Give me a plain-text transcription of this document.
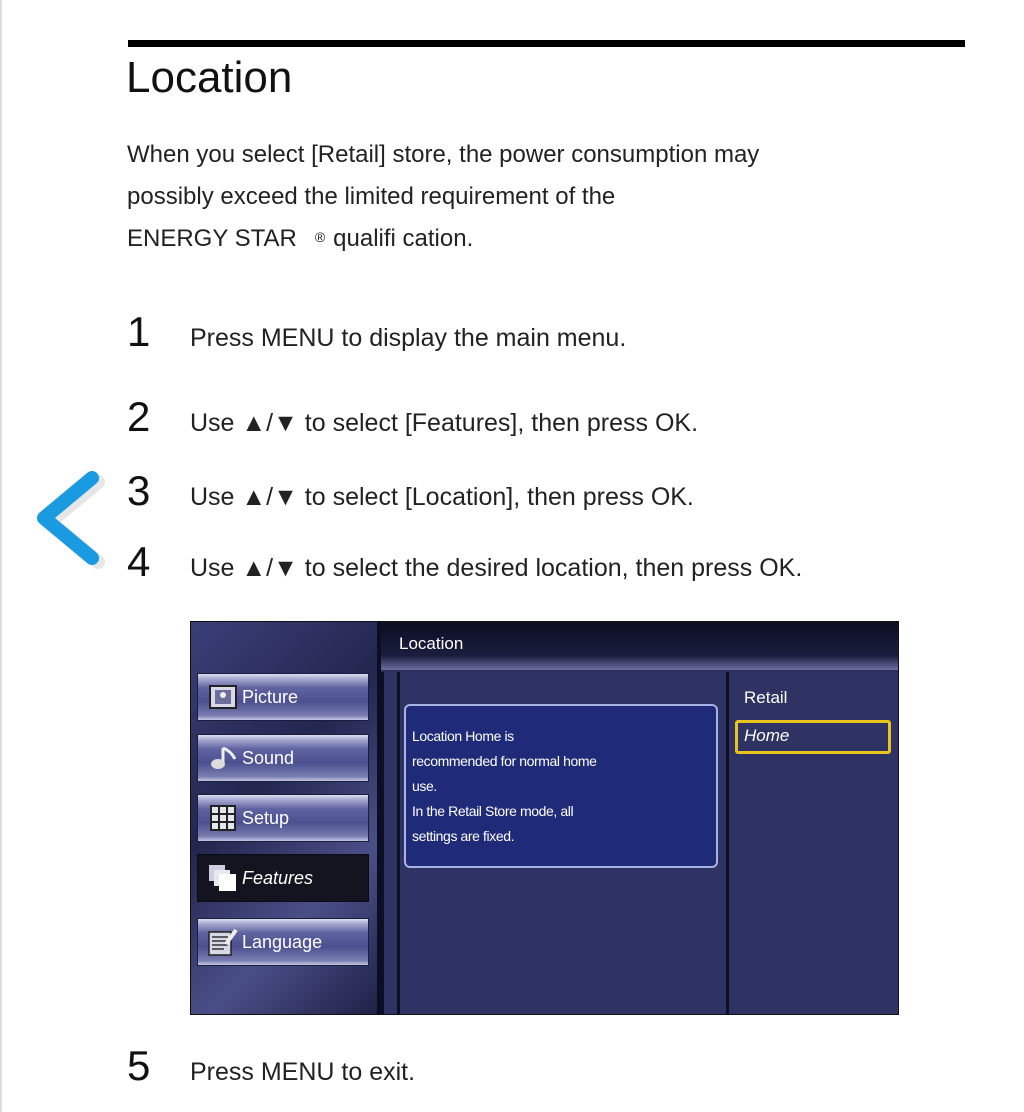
Location
When you select [Retail] store, the power consumption may
possibly exceed the limited requirement of the
ENERGY STAR ® qualifi cation.
1	Press MENU to display the main menu.
2	Use ▲/▼ to select [Features], then press OK.
3	Use ▲/▼ to select [Location], then press OK.
4	Use ▲/▼ to select the desired location, then press OK.
5	Press MENU to exit.
Location
Picture
Sound
Setup
Features
Language
Location Home is
recommended for normal home
use.
In the Retail Store mode, all
settings are fixed.
Retail
Home
